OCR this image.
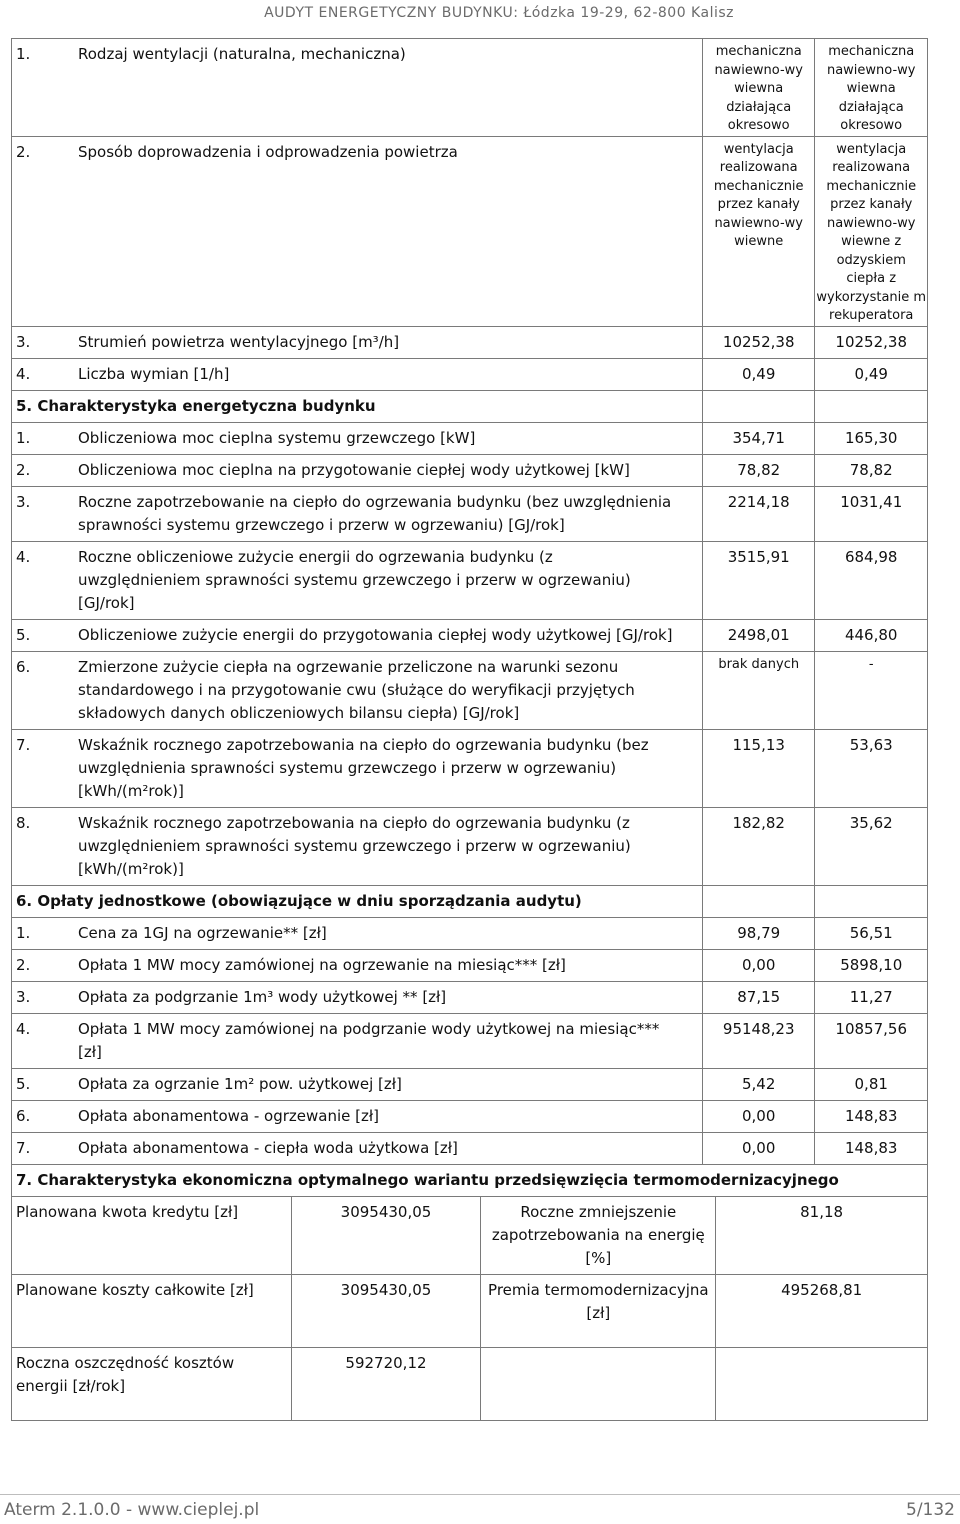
AUDYT ENERGETYCZNY BUDYNKU: Łódzka 19-29, 62-800 Kalisz
1. Rodzaj wentylacji (naturalna, mechaniczna)	mechaniczna nawiewno-wy wiewna działająca okresowo	mechaniczna nawiewno-wy wiewna działająca okresowo
2. Sposób doprowadzenia i odprowadzenia powietrza	wentylacja realizowana mechanicznie przez kanały nawiewno-wy wiewne	wentylacja realizowana mechanicznie przez kanały nawiewno-wy wiewne z odzyskiem ciepła z wykorzystanie m rekuperatora
3. Strumień powietrza wentylacyjnego [m³/h]	10252,38	10252,38
4. Liczba wymian [1/h]	0,49	0,49
5. Charakterystyka energetyczna budynku		
1. Obliczeniowa moc cieplna systemu grzewczego [kW]	354,71	165,30
2. Obliczeniowa moc cieplna na przygotowanie ciepłej wody użytkowej [kW]	78,82	78,82
3. Roczne zapotrzebowanie na ciepło do ogrzewania budynku (bez uwzględnienia sprawności systemu grzewczego i przerw w ogrzewaniu) [GJ/rok]	2214,18	1031,41
4. Roczne obliczeniowe zużycie energii do ogrzewania budynku (z uwzględnieniem sprawności systemu grzewczego i przerw w ogrzewaniu) [GJ/rok]	3515,91	684,98
5. Obliczeniowe zużycie energii do przygotowania ciepłej wody użytkowej [GJ/rok]	2498,01	446,80
6. Zmierzone zużycie ciepła na ogrzewanie przeliczone na warunki sezonu standardowego i na przygotowanie cwu (służące do weryfikacji przyjętych składowych danych obliczeniowych bilansu ciepła) [GJ/rok]	brak danych	-
7. Wskaźnik rocznego zapotrzebowania na ciepło do ogrzewania budynku (bez uwzględnienia sprawności systemu grzewczego i przerw w ogrzewaniu) [kWh/(m²rok)]	115,13	53,63
8. Wskaźnik rocznego zapotrzebowania na ciepło do ogrzewania budynku (z uwzględnieniem sprawności systemu grzewczego i przerw w ogrzewaniu) [kWh/(m²rok)]	182,82	35,62
6. Opłaty jednostkowe (obowiązujące w dniu sporządzania audytu)		
1. Cena za 1GJ na ogrzewanie** [zł]	98,79	56,51
2. Opłata 1 MW mocy zamówionej na ogrzewanie na miesiąc*** [zł]	0,00	5898,10
3. Opłata za podgrzanie 1m³ wody użytkowej ** [zł]	87,15	11,27
4. Opłata 1 MW mocy zamówionej na podgrzanie wody użytkowej na miesiąc*** [zł]	95148,23	10857,56
5. Opłata za ogrzanie 1m² pow. użytkowej [zł]	5,42	0,81
6. Opłata abonamentowa - ogrzewanie [zł]	0,00	148,83
7. Opłata abonamentowa - ciepła woda użytkowa [zł]	0,00	148,83
7. Charakterystyka ekonomiczna optymalnego wariantu przedsięwzięcia termomodernizacyjnego		
Planowana kwota kredytu [zł]	3095430,05	Roczne zmniejszenie zapotrzebowania na energię [%]	81,18
Planowane koszty całkowite [zł]	3095430,05	Premia termomodernizacyjna [zł]	495268,81
Roczna oszczędność kosztów energii [zł/rok]	592720,12		
Aterm 2.1.0.0 - www.cieplej.pl	5/132
